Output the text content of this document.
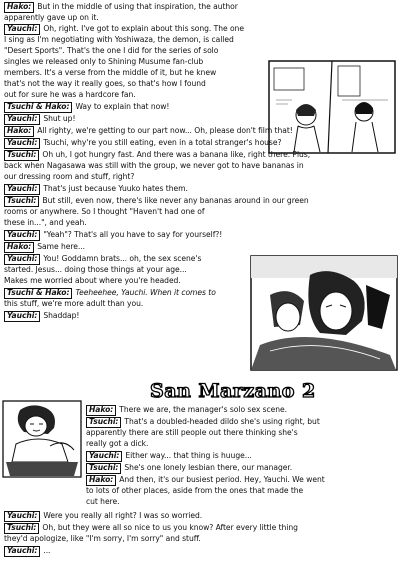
Hako: But in the middle of using that inspiration, the author
apparently gave up on it.
Yauchi: Oh, right. I've got to explain about this song. The one
I sing as I'm negotiating with Yoshiwaza, the demon, is called
"Desert Sports". That's the one I did for the series of solo
singles we released only to Shining Musume fan-club
members. It's a verse from the middle of it, but he knew
that's not the way it really goes, so that's how I found
out for sure he was a hardcore fan.
Tsuchi & Hako: Way to explain that now!
Yauchi: Shut up!
Hako: All righty, we're getting to our part now... Oh, please don't film that!
Yauchi: Tsuchi, why're you still eating, even in a total stranger's house?
Tsuchi: Oh uh, I got hungry fast. And there was a banana like, right there. Plus,
back when Nagasawa was still with the group, we never got to have bananas in
our dressing room and stuff, right?
Yauchi: That's just because Yuuko hates them.
Tsuchi: But still, even now, there's like never any bananas around in our green
rooms or anywhere. So I thought "Haven't had one of
these in...", and yeah.
Yauchi: "Yeah"? That's all you have to say for yourself?!
Hako: Same here...
Yauchi: You! Goddamn brats... oh, the sex scene's
started. Jesus... doing those things at your age...
Makes me worried about where you're headed.
Tsuchi & Hako: Teeheehee, Yauchi. When it comes to
this stuff, we're more adult than you.
Yauchi: Shaddap!
San Marzano 2
Hako: There we are, the manager's solo sex scene.
Tsuchi: That's a doubled-headed dildo she's using right, but
apparently there are still people out there thinking she's
really got a dick.
Yauchi: Either way... that thing is huuge...
Tsuchi: She's one lonely lesbian there, our manager.
Hako: And then, it's our busiest period. Hey, Yauchi. We went
to lots of other places, aside from the ones that made the
cut here.
Yauchi: Were you really all right? I was so worried.
Tsuchi: Oh, but they were all so nice to us you know? After every little thing
they'd apologize, like "I'm sorry, I'm sorry" and stuff.
Yauchi: ...
